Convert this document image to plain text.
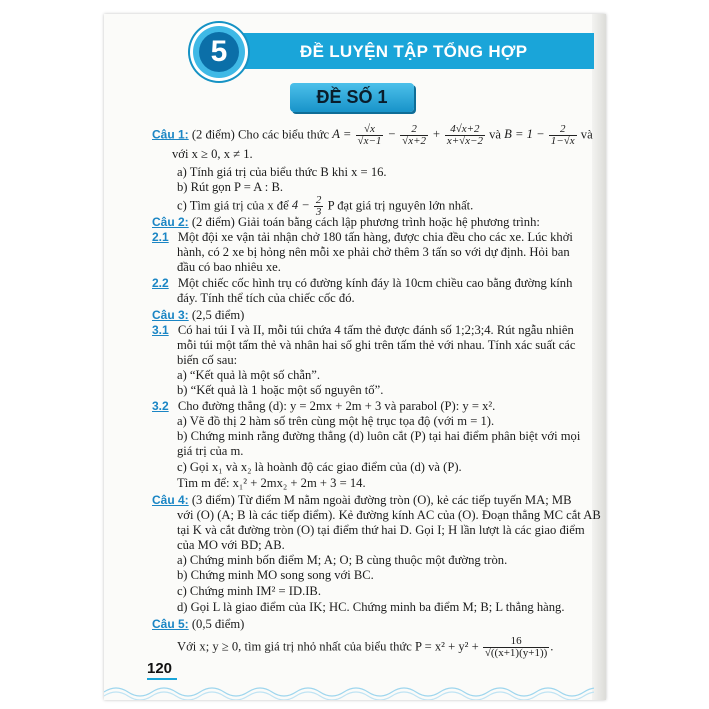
ĐỀ LUYỆN TẬP TỔNG HỢP
5
ĐỀ SỐ 1
Câu 1: (2 điểm) Cho các biểu thức $A = \frac{√x}{√x-1} - \frac{2}{√x+2} + \frac{4√x+2}{x+√x-2}$ và $B = 1 - \frac{2}{1-√x}$ và
với x ≥ 0, x ≠ 1.
a) Tính giá trị của biểu thức B khi x = 16.
b) Rút gọn P = A : B.
c) Tìm giá trị của x để $4 - \frac{2}{3}$ P đạt giá trị nguyên lớn nhất.
Câu 2: (2 điểm) Giải toán bằng cách lập phương trình hoặc hệ phương trình:
2.1 Một đội xe vận tải nhận chở 180 tấn hàng, được chia đều cho các xe. Lúc khởi
hành, có 2 xe bị hỏng nên mỗi xe phải chở thêm 3 tấn so với dự định. Hỏi ban
đầu có bao nhiêu xe.
2.2 Một chiếc cốc hình trụ có đường kính đáy là 10cm chiều cao bằng đường kính
đáy. Tính thể tích của chiếc cốc đó.
Câu 3: (2,5 điểm)
3.1 Có hai túi I và II, mỗi túi chứa 4 tấm thẻ được đánh số 1;2;3;4. Rút ngẫu nhiên
mỗi túi một tấm thẻ và nhân hai số ghi trên tấm thẻ với nhau. Tính xác suất các
biến cố sau:
a) “Kết quả là một số chẵn”.
b) “Kết quả là 1 hoặc một số nguyên tố”.
3.2 Cho đường thẳng (d): y = 2mx + 2m + 3 và parabol (P): y = x².
a) Vẽ đồ thị 2 hàm số trên cùng một hệ trục tọa độ (với m = 1).
b) Chứng minh rằng đường thẳng (d) luôn cắt (P) tại hai điểm phân biệt với mọi
giá trị của m.
c) Gọi x₁ và x₂ là hoành độ các giao điểm của (d) và (P).
Tìm m để: x₁² + 2mx₂ + 2m + 3 = 14.
Câu 4: (3 điểm) Từ điểm M nằm ngoài đường tròn (O), kẻ các tiếp tuyến MA; MB
với (O) (A; B là các tiếp điểm). Kẻ đường kính AC của (O). Đoạn thẳng MC cắt AB
tại K và cắt đường tròn (O) tại điểm thứ hai D. Gọi I; H lần lượt là các giao điểm
của MO với BD; AB.
a) Chứng minh bốn điểm M; A; O; B cùng thuộc một đường tròn.
b) Chứng minh MO song song với BC.
c) Chứng minh IM² = ID.IB.
d) Gọi L là giao điểm của IK; HC. Chứng minh ba điểm M; B; L thẳng hàng.
Câu 5: (0,5 điểm)
Với x; y ≥ 0, tìm giá trị nhỏ nhất của biểu thức $P = x^2 + y^2 + \frac{16}{√((x+1)(y+1))}$ .
120
